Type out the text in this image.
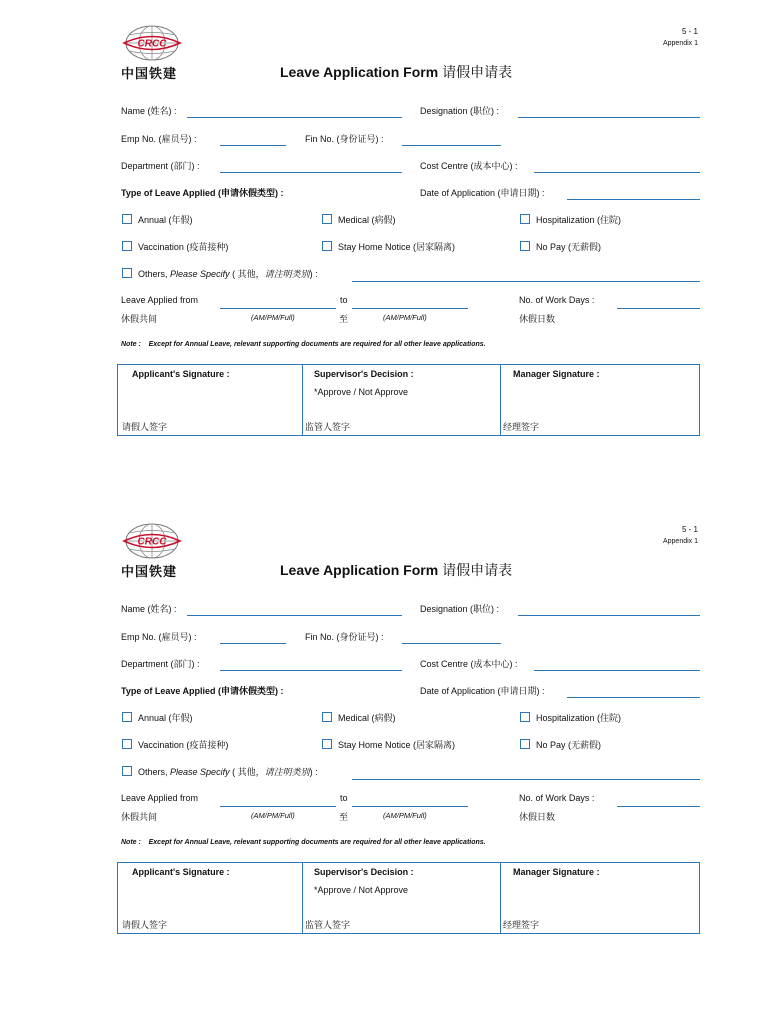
5 - 1
Appendix 1
CRCC
中国铁建	Leave Application Form 请假申请表
Name (姓名) :	Designation (职位) :
Emp No. (雇员号) :	Fin No. (身份证号) :
Department (部门) :	Cost Centre (成本中心) :
Type of Leave Applied (申请休假类型) :	Date of Application (申请日期) :
Annual (年假)	Medical (病假)	Hospitalization (住院)
Vaccination (疫苗接种)	Stay Home Notice (居家隔离)	No Pay (无薪假)
Others, Please Specify ( 其他，请注明类别) :
Leave Applied from	to	No. of Work Days :
休假共间	(AM/PM/Full)	至	(AM/PM/Full)	休假日数
Note : Except for Annual Leave, relevant supporting documents are required for all other leave applications.
Applicant's Signature :
请假人签字
Supervisor's Decision :
*Approve / Not Approve
监管人签字
Manager Signature :
经理签字
5 - 1
Appendix 1
CRCC
中国铁建	Leave Application Form 请假申请表
Name (姓名) :	Designation (职位) :
Emp No. (雇员号) :	Fin No. (身份证号) :
Department (部门) :	Cost Centre (成本中心) :
Type of Leave Applied (申请休假类型) :	Date of Application (申请日期) :
Annual (年假)	Medical (病假)	Hospitalization (住院)
Vaccination (疫苗接种)	Stay Home Notice (居家隔离)	No Pay (无薪假)
Others, Please Specify ( 其他，请注明类别) :
Leave Applied from	to	No. of Work Days :
休假共间	(AM/PM/Full)	至	(AM/PM/Full)	休假日数
Note : Except for Annual Leave, relevant supporting documents are required for all other leave applications.
Applicant's Signature :
请假人签字
Supervisor's Decision :
*Approve / Not Approve
监管人签字
Manager Signature :
经理签字
